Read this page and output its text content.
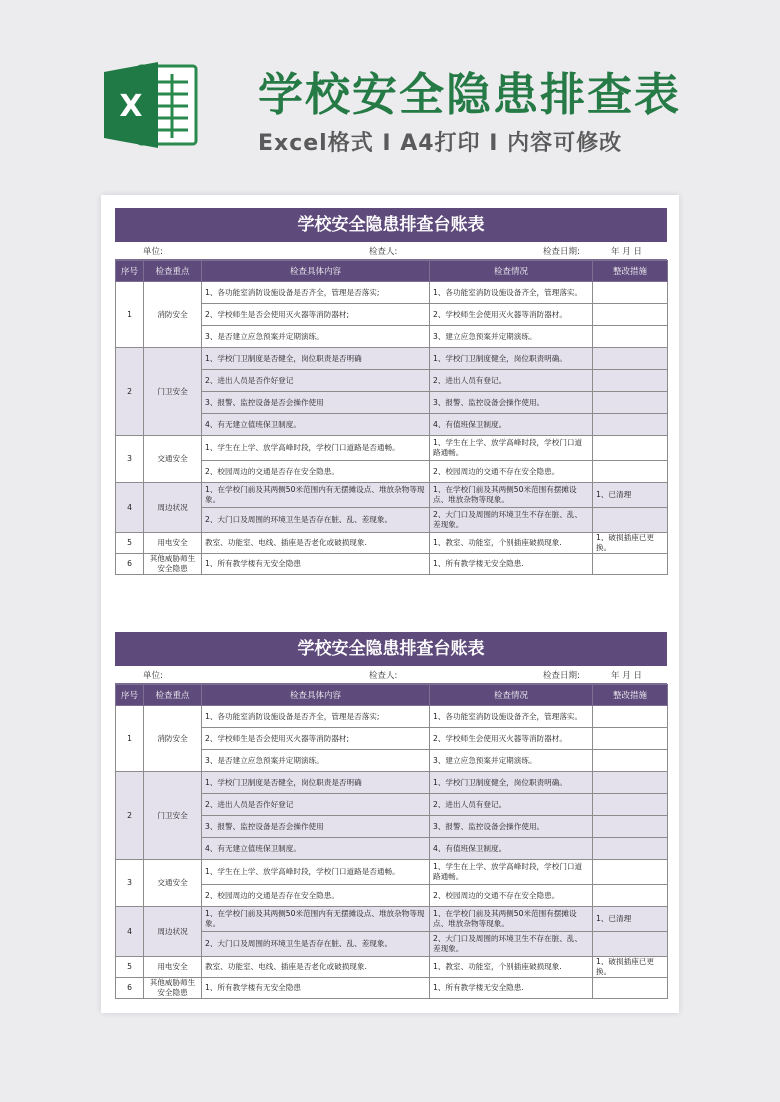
X	学校安全隐患排查表
Excel格式 I A4打印 I 内容可修改
学校安全隐患排查台账表
单位:	检查人:	检查日期:	年 月 日
序号	检查重点	检查具体内容	检查情况	整改措施
1	消防安全	1、各功能室消防设施设备是否齐全，管理是否落实;	1、各功能室消防设施设备齐全，管理落实。	
		2、学校师生是否会使用灭火器等消防器材;	2、学校师生会使用灭火器等消防器材。	
		3、是否建立应急预案并定期演练。	3、建立应急预案并定期演练。	
2	门卫安全	1、学校门卫制度是否健全，岗位职责是否明确	1、学校门卫制度健全，岗位职责明确。	
		2、进出人员是否作好登记	2、进出人员有登记。	
		3、报警、监控设备是否会操作使用	3、报警、监控设备会操作使用。	
		4、有无建立值班保卫制度。	4、有值班保卫制度。	
3	交通安全	1、学生在上学、放学高峰时段，学校门口道路是否通畅。	1、学生在上学、放学高峰时段，学校门口道路通畅。	
		2、校园周边的交通是否存在安全隐患。	2、校园周边的交通不存在安全隐患。	
4	周边状况	1、在学校门前及其两侧50米范围内有无摆摊设点、堆放杂物等现象。	1、在学校门前及其两侧50米范围有摆摊设点、堆放杂物等现象。	1、已清理
		2、大门口及周围的环境卫生是否存在脏、乱、差现象。	2、大门口及周围的环境卫生不存在脏、乱、差现象。	
5	用电安全	教室、功能室、电线、插座是否老化或破损现象.	1、教室、功能室，个别插座破损现象.	1、破损插座已更换。
6	其他威胁师生安全隐患	1、所有教学楼有无安全隐患	1、所有教学楼无安全隐患.	
学校安全隐患排查台账表
单位:	检查人:	检查日期:	年 月 日
序号	检查重点	检查具体内容	检查情况	整改措施
1	消防安全	1、各功能室消防设施设备是否齐全，管理是否落实;	1、各功能室消防设施设备齐全，管理落实。	
		2、学校师生是否会使用灭火器等消防器材;	2、学校师生会使用灭火器等消防器材。	
		3、是否建立应急预案并定期演练。	3、建立应急预案并定期演练。	
2	门卫安全	1、学校门卫制度是否健全，岗位职责是否明确	1、学校门卫制度健全，岗位职责明确。	
		2、进出人员是否作好登记	2、进出人员有登记。	
		3、报警、监控设备是否会操作使用	3、报警、监控设备会操作使用。	
		4、有无建立值班保卫制度。	4、有值班保卫制度。	
3	交通安全	1、学生在上学、放学高峰时段，学校门口道路是否通畅。	1、学生在上学、放学高峰时段，学校门口道路通畅。	
		2、校园周边的交通是否存在安全隐患。	2、校园周边的交通不存在安全隐患。	
4	周边状况	1、在学校门前及其两侧50米范围内有无摆摊设点、堆放杂物等现象。	1、在学校门前及其两侧50米范围有摆摊设点、堆放杂物等现象。	1、已清理
		2、大门口及周围的环境卫生是否存在脏、乱、差现象。	2、大门口及周围的环境卫生不存在脏、乱、差现象。	
5	用电安全	教室、功能室、电线、插座是否老化或破损现象.	1、教室、功能室，个别插座破损现象.	1、破损插座已更换。
6	其他威胁师生安全隐患	1、所有教学楼有无安全隐患	1、所有教学楼无安全隐患.	
